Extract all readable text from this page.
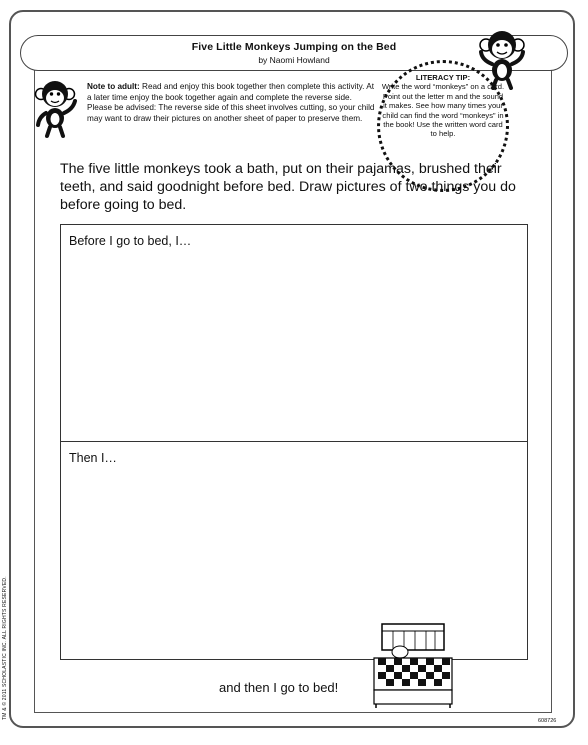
Five Little Monkeys Jumping on the Bed
by Naomi Howland
Note to adult: Read and enjoy this book together then complete this activity. At a later time enjoy the book together again and complete the reverse side. Please be advised: The reverse side of this sheet involves cutting, so your child may want to draw their pictures on another sheet of paper to preserve them.
LITERACY TIP:
Write the word “monkeys” on a card. Point out the letter m and the sound it makes. See how many times your child can find the word “monkeys” in the book! Use the written word card to help.
The five little monkeys took a bath, put on their pajamas, brushed their teeth, and said goodnight before bed. Draw pictures of two things you do before going to bed.
Before I go to bed, I…
Then I…
and then I go to bed!
TM & © 2011 SCHOLASTIC INC. ALL RIGHTS RESERVED.
608726
